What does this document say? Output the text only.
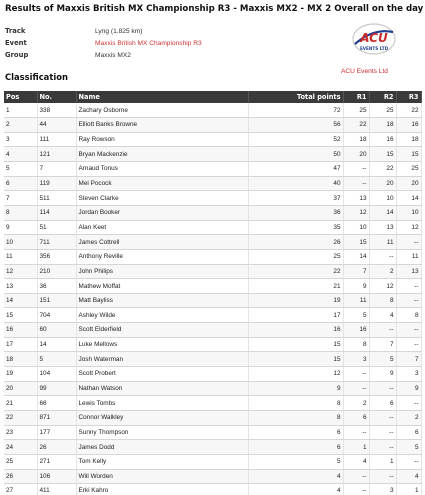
Results of Maxxis British MX Championship R3 - Maxxis MX2 - MX 2 Overall on the day
Track	Lyng (1.825 km)
Event	Maxxis British MX Championship R3
Group	Maxxis MX2
ACU
EVENTS LTD
ACU Events Ltd
Classification
Pos	No.	Name	Total points	R1	R2	R3
1	338	Zachary Osborne	72	25	25	22
2	44	Elliott Banks Browne	56	22	18	16
3	111	Ray Rowson	52	18	16	18
4	121	Bryan Mackenzie	50	20	15	15
5	7	Arnaud Tonus	47	--	22	25
6	119	Mel Pocock	40	--	20	20
7	511	Steven Clarke	37	13	10	14
8	114	Jordan Booker	36	12	14	10
9	51	Alan Keet	35	10	13	12
10	711	James Cottrell	26	15	11	--
11	356	Anthony Reville	25	14	--	11
12	210	John Philips	22	7	2	13
13	36	Mathew Moffat	21	9	12	--
14	151	Matt Bayliss	19	11	8	--
15	704	Ashley Wilde	17	5	4	8
16	60	Scott Elderfield	16	16	--	--
17	14	Luke Mellows	15	8	7	--
18	5	Josh Waterman	15	3	5	7
19	104	Scott Probert	12	--	9	3
20	99	Nathan Watson	9	--	--	9
21	66	Lewis Tombs	8	2	6	--
22	871	Connor Walkley	8	6	--	2
23	177	Sunny Thompson	6	--	--	6
24	26	James Dodd	6	1	--	5
25	271	Tom Kelly	5	4	1	--
26	106	Will Worden	4	--	--	4
27	411	Erki Kahro	4	--	3	1
